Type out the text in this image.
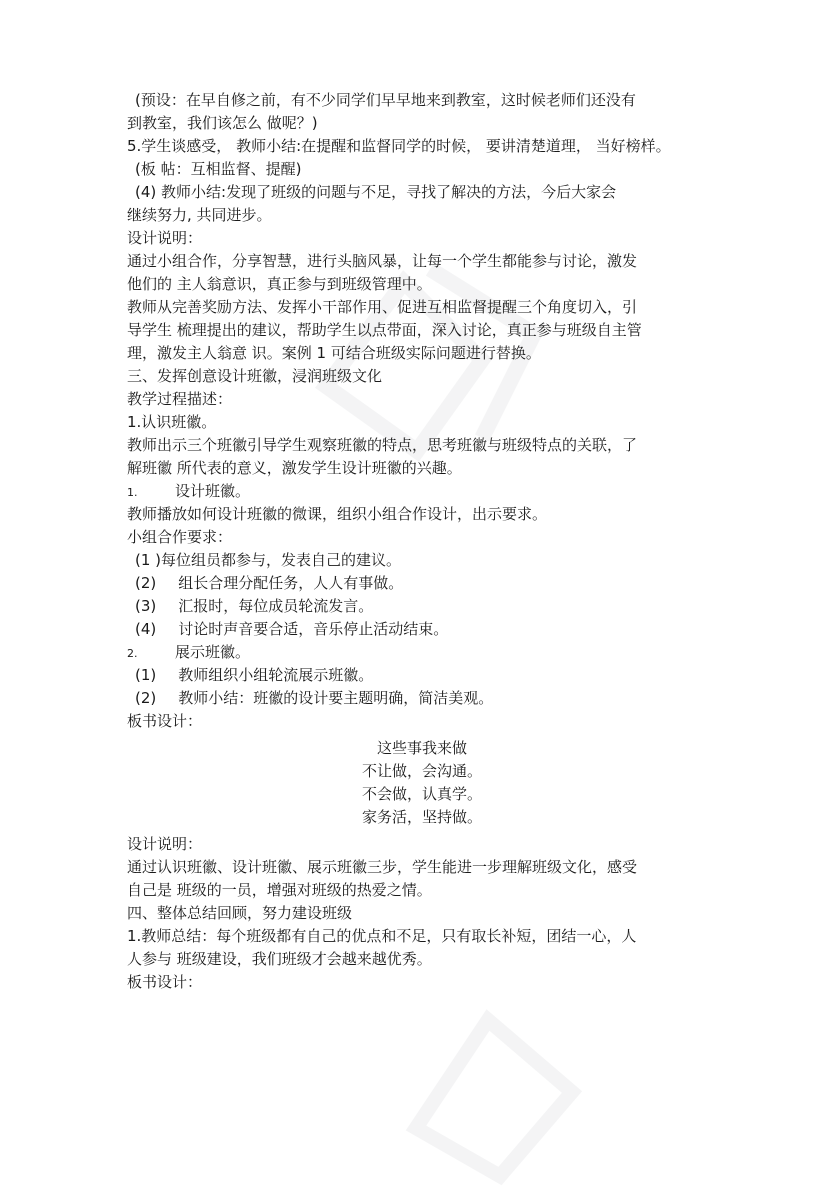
(预设：在早自修之前，有不少同学们早早地来到教室，这时候老师们还没有
到教室，我们该怎么 做呢？)
5.学生谈感受， 教师小结:在提醒和监督同学的时候， 要讲清楚道理， 当好榜样。
(板 帖：互相监督、提醒)
(4) 教师小结:发现了班级的问题与不足，寻找了解决的方法，今后大家会
继续努力, 共同进步。
设计说明：
通过小组合作，分享智慧，进行头脑风暴，让每一个学生都能参与讨论，激发
他们的 主人翁意识，真正参与到班级管理中。
教师从完善奖励方法、发挥小干部作用、促进互相监督提醒三个角度切入，引
导学生 梳理提出的建议，帮助学生以点带面，深入讨论，真正参与班级自主管
理，激发主人翁意 识。案例 1 可结合班级实际问题进行替换。
三、发挥创意设计班徽，浸润班级文化
教学过程描述：
1.认识班徽。
教师出示三个班徽引导学生观察班徽的特点，思考班徽与班级特点的关联，了
解班徽 所代表的意义，激发学生设计班徽的兴趣。
1.	设计班徽。
教师播放如何设计班徽的微课，组织小组合作设计，出示要求。
小组合作要求：
(1 )每位组员都参与，发表自己的建议。
(2) 组长合理分配任务，人人有事做。
(3) 汇报时，每位成员轮流发言。
(4) 讨论时声音要合适，音乐停止活动结束。
2.	展示班徽。
(1) 教师组织小组轮流展示班徽。
(2) 教师小结：班徽的设计要主题明确，简洁美观。
板书设计：
这些事我来做
不让做，会沟通。
不会做，认真学。
家务活，坚持做。
设计说明：
通过认识班徽、设计班徽、展示班徽三步，学生能进一步理解班级文化，感受
自己是 班级的一员，增强对班级的热爱之情。
四、整体总结回顾，努力建设班级
1.教师总结：每个班级都有自己的优点和不足，只有取长补短，团结一心，人
人参与 班级建设，我们班级才会越来越优秀。
板书设计：
